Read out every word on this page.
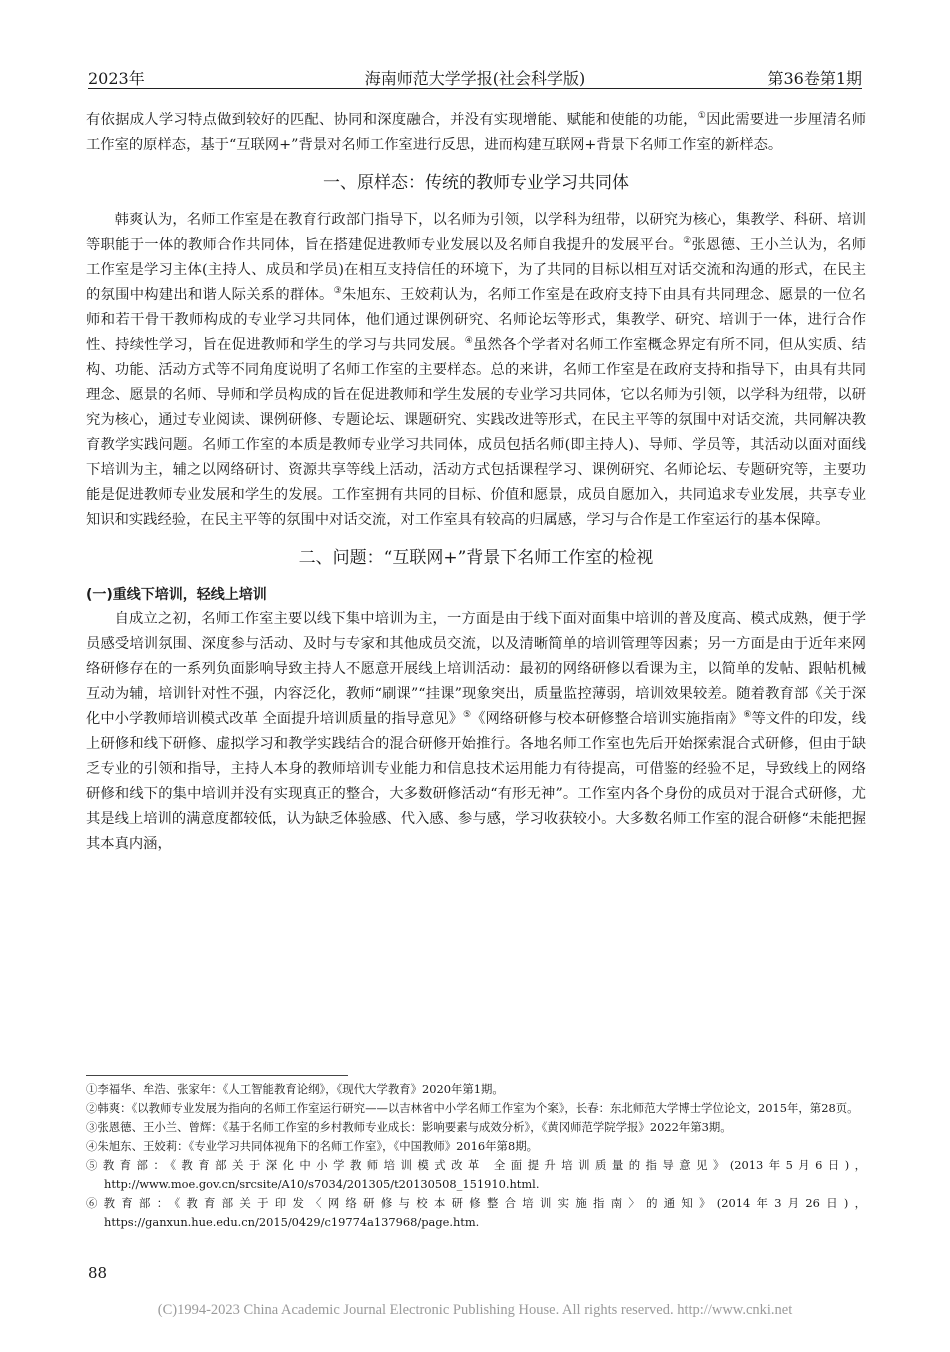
2023年	海南师范大学学报(社会科学版)	第36卷第1期

有依据成人学习特点做到较好的匹配、协同和深度融合，并没有实现增能、赋能和使能的功能，①因此需要进一步厘清名师工作室的原样态，基于“互联网+”背景对名师工作室进行反思，进而构建互联网+背景下名师工作室的新样态。

一、原样态：传统的教师专业学习共同体

韩爽认为，名师工作室是在教育行政部门指导下，以名师为引领，以学科为纽带，以研究为核心，集教学、科研、培训等职能于一体的教师合作共同体，旨在搭建促进教师专业发展以及名师自我提升的发展平台。②张恩德、王小兰认为，名师工作室是学习主体(主持人、成员和学员)在相互支持信任的环境下，为了共同的目标以相互对话交流和沟通的形式，在民主的氛围中构建出和谐人际关系的群体。③朱旭东、王姣莉认为，名师工作室是在政府支持下由具有共同理念、愿景的一位名师和若干骨干教师构成的专业学习共同体，他们通过课例研究、名师论坛等形式，集教学、研究、培训于一体，进行合作性、持续性学习，旨在促进教师和学生的学习与共同发展。④虽然各个学者对名师工作室概念界定有所不同，但从实质、结构、功能、活动方式等不同角度说明了名师工作室的主要样态。总的来讲，名师工作室是在政府支持和指导下，由具有共同理念、愿景的名师、导师和学员构成的旨在促进教师和学生发展的专业学习共同体，它以名师为引领，以学科为纽带，以研究为核心，通过专业阅读、课例研修、专题论坛、课题研究、实践改进等形式，在民主平等的氛围中对话交流，共同解决教育教学实践问题。名师工作室的本质是教师专业学习共同体，成员包括名师(即主持人)、导师、学员等，其活动以面对面线下培训为主，辅之以网络研讨、资源共享等线上活动，活动方式包括课程学习、课例研究、名师论坛、专题研究等，主要功能是促进教师专业发展和学生的发展。工作室拥有共同的目标、价值和愿景，成员自愿加入，共同追求专业发展，共享专业知识和实践经验，在民主平等的氛围中对话交流，对工作室具有较高的归属感，学习与合作是工作室运行的基本保障。

二、问题：“互联网+”背景下名师工作室的检视
(一)重线下培训，轻线上培训

自成立之初，名师工作室主要以线下集中培训为主，一方面是由于线下面对面集中培训的普及度高、模式成熟，便于学员感受培训氛围、深度参与活动、及时与专家和其他成员交流，以及清晰简单的培训管理等因素；另一方面是由于近年来网络研修存在的一系列负面影响导致主持人不愿意开展线上培训活动：最初的网络研修以看课为主，以简单的发帖、跟帖机械互动为辅，培训针对性不强，内容泛化，教师“刷课”“挂课”现象突出，质量监控薄弱，培训效果较差。随着教育部《关于深化中小学教师培训模式改革 全面提升培训质量的指导意见》⑤《网络研修与校本研修整合培训实施指南》⑥等文件的印发，线上研修和线下研修、虚拟学习和教学实践结合的混合研修开始推行。各地名师工作室也先后开始探索混合式研修，但由于缺乏专业的引领和指导，主持人本身的教师培训专业能力和信息技术运用能力有待提高，可借鉴的经验不足，导致线上的网络研修和线下的集中培训并没有实现真正的整合，大多数研修活动“有形无神”。工作室内各个身份的成员对于混合式研修，尤其是线上培训的满意度都较低，认为缺乏体验感、代入感、参与感，学习收获较小。大多数名师工作室的混合研修“未能把握其本真内涵，

①李福华、牟浩、张家年：《人工智能教育论纲》，《现代大学教育》2020年第1期。

②韩爽：《以教师专业发展为指向的名师工作室运行研究——以吉林省中小学名师工作室为个案》，长春：东北师范大学博士学位论文，2015年，第28页。

③张恩德、王小兰、曾辉：《基于名师工作室的乡村教师专业成长：影响要素与成效分析》，《黄冈师范学院学报》2022年第3期。

④朱旭东、王姣莉：《专业学习共同体视角下的名师工作室》，《中国教师》2016年第8期。

⑤教育部：《教育部关于深化中小学教师培训模式改革 全面提升培训质量的指导意见》(2013年5月6日)，http://www.moe.gov.cn/srcsite/A10/s7034/201305/t20130508_151910.html.

⑥教育部：《教育部关于印发〈网络研修与校本研修整合培训实施指南〉的通知》(2014年3月26日)，https://ganxun.hue.edu.cn/2015/0429/c19774a137968/page.htm.

88
(C)1994-2023 China Academic Journal Electronic Publishing House. All rights reserved. http://www.cnki.net
